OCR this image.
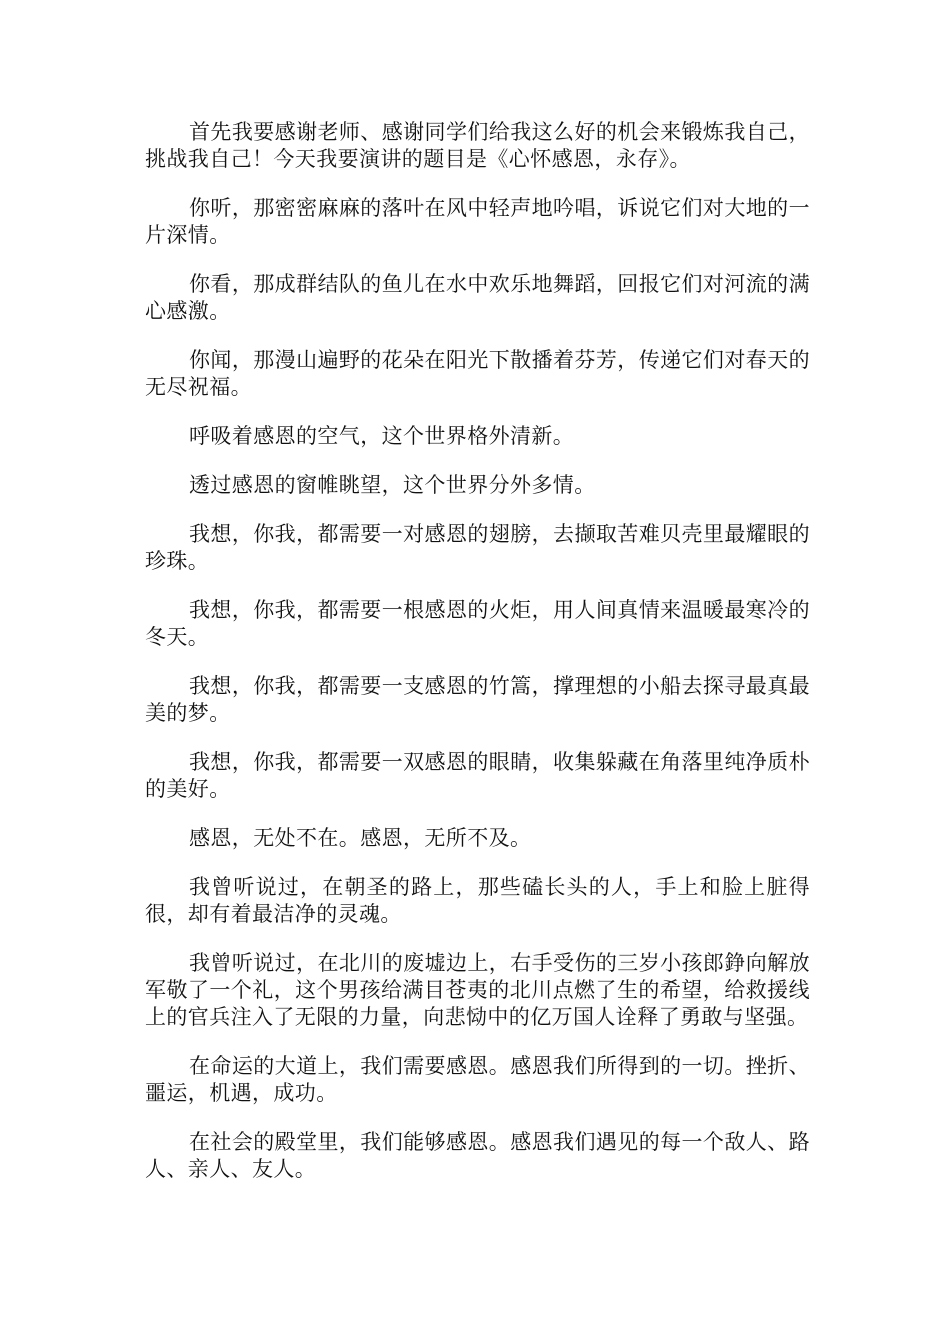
首先我要感谢老师、感谢同学们给我这么好的机会来锻炼我自己，挑战我自己！今天我要演讲的题目是《心怀感恩，永存》。

你听，那密密麻麻的落叶在风中轻声地吟唱，诉说它们对大地的一片深情。

你看，那成群结队的鱼儿在水中欢乐地舞蹈，回报它们对河流的满心感激。

你闻，那漫山遍野的花朵在阳光下散播着芬芳，传递它们对春天的无尽祝福。

呼吸着感恩的空气，这个世界格外清新。

透过感恩的窗帷眺望，这个世界分外多情。

我想，你我，都需要一对感恩的翅膀，去撷取苦难贝壳里最耀眼的珍珠。

我想，你我，都需要一根感恩的火炬，用人间真情来温暖最寒冷的冬天。

我想，你我，都需要一支感恩的竹篙，撑理想的小船去探寻最真最美的梦。

我想，你我，都需要一双感恩的眼睛，收集躲藏在角落里纯净质朴的美好。

感恩，无处不在。感恩，无所不及。

我曾听说过，在朝圣的路上，那些磕长头的人，手上和脸上脏得很，却有着最洁净的灵魂。

我曾听说过，在北川的废墟边上，右手受伤的三岁小孩郎錚向解放军敬了一个礼，这个男孩给满目苍夷的北川点燃了生的希望，给救援线上的官兵注入了无限的力量，向悲恸中的亿万国人诠释了勇敢与坚强。

在命运的大道上，我们需要感恩。感恩我们所得到的一切。挫折、噩运，机遇，成功。

在社会的殿堂里，我们能够感恩。感恩我们遇见的每一个敌人、路人、亲人、友人。
